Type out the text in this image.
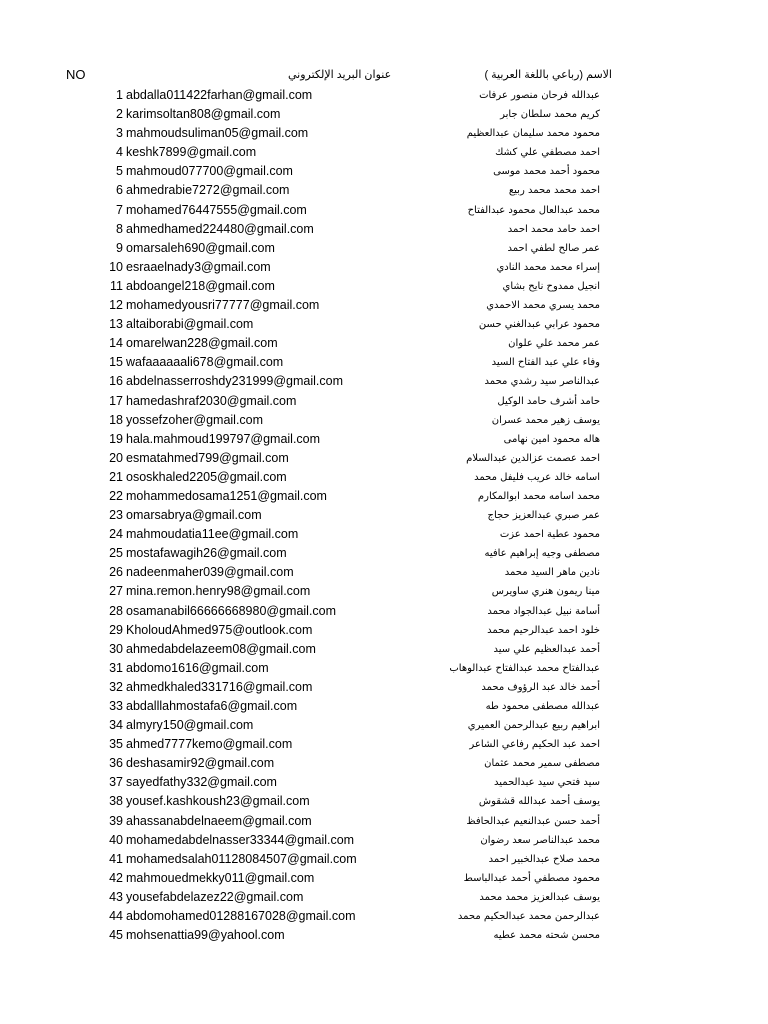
NO	عنوان البريد الإلكتروني	الاسم (رباعي باللغة العربية )
1 abdalla011422farhan@gmail.com	عبدالله فرحان منصور عرفات
2 karimsoltan808@gmail.com	كريم محمد سلطان جابر
3 mahmoudsuliman05@gmail.com	محمود محمد سليمان عبدالعظيم
4 keshk7899@gmail.com	احمد مصطفي علي كشك
5 mahmoud077700@gmail.com	محمود أحمد محمد موسى
6 ahmedrabie7272@gmail.com	احمد محمد محمد ربيع
7 mohamed76447555@gmail.com	محمد عبدالعال محمود عبدالفتاح
8 ahmedhamed224480@gmail.com	احمد حامد محمد احمد
9 omarsaleh690@gmail.com	عمر صالح لطفي احمد
10 esraaelnady3@gmail.com	إسراء محمد محمد النادي
11 abdoangel218@gmail.com	انجيل ممدوح نايح بشاي
12 mohamedyousri77777@gmail.com	محمد يسري محمد الاحمدي
13 altaiborabi@gmail.com	محمود عرابي عبدالغني حسن
14 omarelwan228@gmail.com	عمر محمد علي علوان
15 wafaaaaaali678@gmail.com	وفاء علي عبد الفتاح السيد
16 abdelnasserroshdy231999@gmail.com	عبدالناصر سيد رشدي محمد
17 hamedashraf2030@gmail.com	حامد أشرف حامد الوكيل
18 yossefzoher@gmail.com	يوسف زهير محمد عسران
19 hala.mahmoud199797@gmail.com	هاله محمود امين نهامى
20 esmatahmed799@gmail.com	احمد عصمت عزالدين عبدالسلام
21 ososkhaled2205@gmail.com	اسامه خالد عريب فليفل محمد
22 mohammedosama1251@gmail.com	محمد اسامه محمد ابوالمكارم
23 omarsabrya@gmail.com	عمر صبري عبدالعزيز حجاج
24 mahmoudatia11ee@gmail.com	محمود عطية احمد عزت
25 mostafawagih26@gmail.com	مصطفى وجيه إبراهيم عافيه
26 nadeenmaher039@gmail.com	نادين ماهر السيد محمد
27 mina.remon.henry98@gmail.com	مينا ريمون هنري ساويرس
28 osamanabil66666668980@gmail.com	أسامة نبيل عبدالجواد محمد
29 KholoudAhmed975@outlook.com	خلود احمد عبدالرحيم محمد
30 ahmedabdelazeem08@gmail.com	أحمد عبدالعظيم علي سيد
31 abdomo1616@gmail.com	عبدالفتاح محمد عبدالفتاح عبدالوهاب
32 ahmedkhaled331716@gmail.com	أحمد خالد عبد الرؤوف محمد
33 abdalllahmostafa6@gmail.com	عبدالله مصطفى محمود طه
34 almyry150@gmail.com	ابراهيم ربيع عبدالرحمن العميري
35 ahmed7777kemo@gmail.com	احمد عبد الحكيم رفاعي الشاعر
36 deshasamir92@gmail.com	مصطفى سمير محمد عثمان
37 sayedfathy332@gmail.com	سيد فتحي سيد عبدالحميد
38 yousef.kashkoush23@gmail.com	يوسف أحمد عبدالله قشقوش
39 ahassanabdelnaeem@gmail.com	أحمد حسن عبدالنعيم عبدالحافظ
40 mohamedabdelnasser33344@gmail.com	محمد عبدالناصر سعد رضوان
41 mohamedsalah01128084507@gmail.com	محمد صلاح عبدالخبير احمد
42 mahmouedmekky011@gmail.com	محمود مصطفي أحمد عبدالباسط
43 yousefabdelazez22@gmail.com	يوسف عبدالعزيز محمد محمد
44 abdomohamed01288167028@gmail.com	عبدالرحمن محمد عبدالحكيم محمد
45 mohsenattia99@yahool.com	محسن شحته محمد عطيه
